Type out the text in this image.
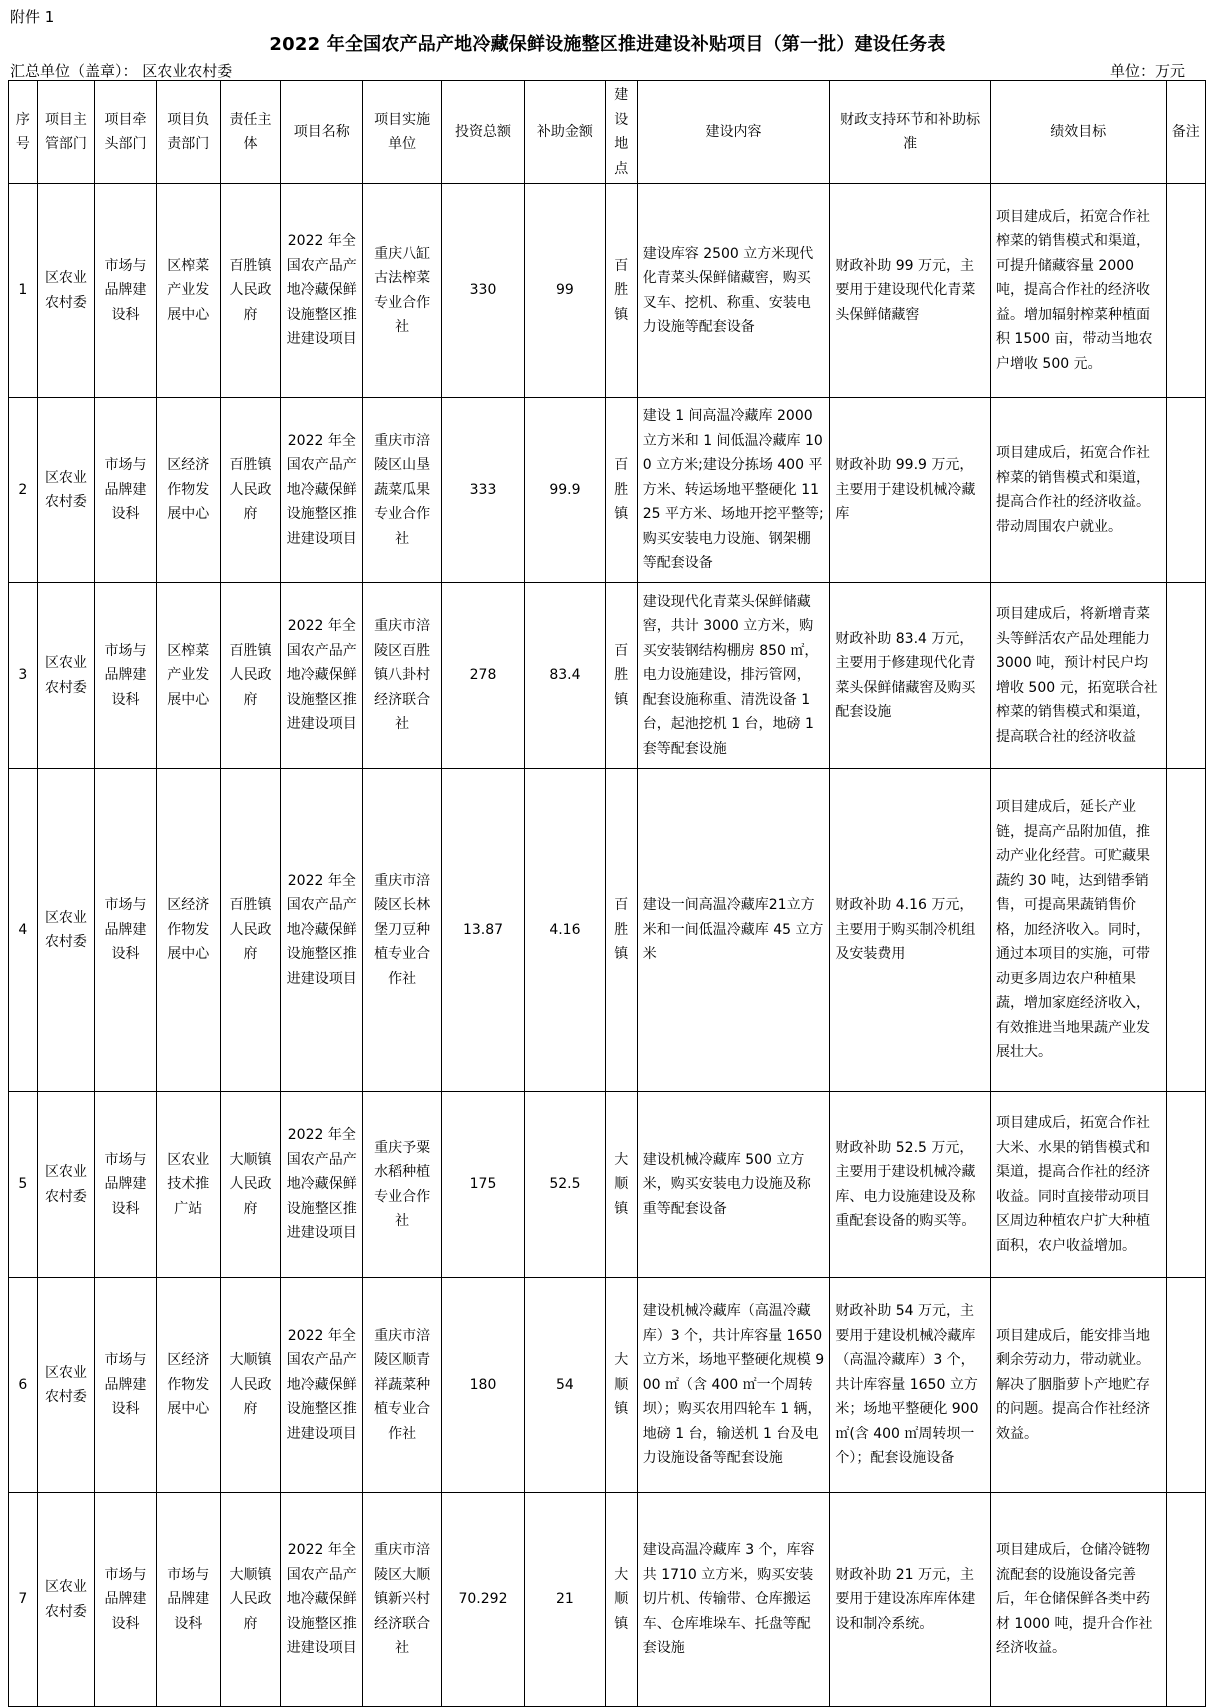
附件 1
2022 年全国农产品产地冷藏保鲜设施整区推进建设补贴项目（第一批）建设任务表
汇总单位（盖章）： 区农业农村委	单位：万元
序号	项目主管部门	项目牵头部门	项目负责部门	责任主体	项目名称	项目实施单位	投资总额	补助金额	建设地点	建设内容	财政支持环节和补助标准	绩效目标	备注
1	区农业农村委	市场与品牌建设科	区榨菜产业发展中心	百胜镇人民政府	2022 年全国农产品产地冷藏保鲜设施整区推进建设项目	重庆八缸古法榨菜专业合作社	330	99	百胜镇	建设库容 2500 立方米现代化青菜头保鲜储藏窖，购买叉车、挖机、称重、安装电力设施等配套设备	财政补助 99 万元，主要用于建设现代化青菜头保鲜储藏窖	项目建成后，拓宽合作社榨菜的销售模式和渠道，可提升储藏容量 2000 吨，提高合作社的经济收益。增加辐射榨菜种植面积 1500 亩，带动当地农户增收 500 元。	
2	区农业农村委	市场与品牌建设科	区经济作物发展中心	百胜镇人民政府	2022 年全国农产品产地冷藏保鲜设施整区推进建设项目	重庆市涪陵区山垦蔬菜瓜果专业合作社	333	99.9	百胜镇	建设 1 间高温冷藏库 2000 立方米和 1 间低温冷藏库 100 立方米;建设分拣场 400 平方米、转运场地平整硬化 1125 平方米、场地开挖平整等;购买安装电力设施、钢架棚等配套设备	财政补助 99.9 万元，主要用于建设机械冷藏库	项目建成后，拓宽合作社榨菜的销售模式和渠道，提高合作社的经济收益。带动周围农户就业。	
3	区农业农村委	市场与品牌建设科	区榨菜产业发展中心	百胜镇人民政府	2022 年全国农产品产地冷藏保鲜设施整区推进建设项目	重庆市涪陵区百胜镇八卦村经济联合社	278	83.4	百胜镇	建设现代化青菜头保鲜储藏窖，共计 3000 立方米，购买安装钢结构棚房 850 ㎡，电力设施建设，排污管网，配套设施称重、清洗设备 1 台，起池挖机 1 台，地磅 1 套等配套设施	财政补助 83.4 万元，主要用于修建现代化青菜头保鲜储藏窖及购买配套设施	项目建成后，将新增青菜头等鲜活农产品处理能力 3000 吨，预计村民户均增收 500 元，拓宽联合社榨菜的销售模式和渠道，提高联合社的经济收益	
4	区农业农村委	市场与品牌建设科	区经济作物发展中心	百胜镇人民政府	2022 年全国农产品产地冷藏保鲜设施整区推进建设项目	重庆市涪陵区长林堡刀豆种植专业合作社	13.87	4.16	百胜镇	建设一间高温冷藏库21立方米和一间低温冷藏库 45 立方米	财政补助 4.16 万元，主要用于购买制冷机组及安装费用	项目建成后，延长产业链，提高产品附加值，推动产业化经营。可贮藏果蔬约 30 吨，达到错季销售，可提高果蔬销售价格，加经济收入。同时，通过本项目的实施，可带动更多周边农户种植果蔬，增加家庭经济收入，有效推进当地果蔬产业发展壮大。	
5	区农业农村委	市场与品牌建设科	区农业技术推广站	大顺镇人民政府	2022 年全国农产品产地冷藏保鲜设施整区推进建设项目	重庆予粟水稻种植专业合作社	175	52.5	大顺镇	建设机械冷藏库 500 立方米，购买安装电力设施及称重等配套设备	财政补助 52.5 万元，主要用于建设机械冷藏库、电力设施建设及称重配套设备的购买等。	项目建成后，拓宽合作社大米、水果的销售模式和渠道，提高合作社的经济收益。同时直接带动项目区周边种植农户扩大种植面积，农户收益增加。	
6	区农业农村委	市场与品牌建设科	区经济作物发展中心	大顺镇人民政府	2022 年全国农产品产地冷藏保鲜设施整区推进建设项目	重庆市涪陵区顺青祥蔬菜种植专业合作社	180	54	大顺镇	建设机械冷藏库（高温冷藏库）3 个，共计库容量 1650 立方米，场地平整硬化规模 900 ㎡（含 400 ㎡一个周转坝）；购买农用四轮车 1 辆，地磅 1 台，输送机 1 台及电力设施设备等配套设施	财政补助 54 万元，主要用于建设机械冷藏库（高温冷藏库）3 个，共计库容量 1650 立方米；场地平整硬化 900 ㎡(含 400 ㎡周转坝一个）；配套设施设备	项目建成后，能安排当地剩余劳动力，带动就业。解决了胭脂萝卜产地贮存的问题。提高合作社经济效益。	
7	区农业农村委	市场与品牌建设科	市场与品牌建设科	大顺镇人民政府	2022 年全国农产品产地冷藏保鲜设施整区推进建设项目	重庆市涪陵区大顺镇新兴村经济联合社	70.292	21	大顺镇	建设高温冷藏库 3 个，库容共 1710 立方米，购买安装切片机、传输带、仓库搬运车、仓库堆垛车、托盘等配套设施	财政补助 21 万元，主要用于建设冻库库体建设和制冷系统。	项目建成后，仓储冷链物流配套的设施设备完善后，年仓储保鲜各类中药材 1000 吨，提升合作社经济收益。	
